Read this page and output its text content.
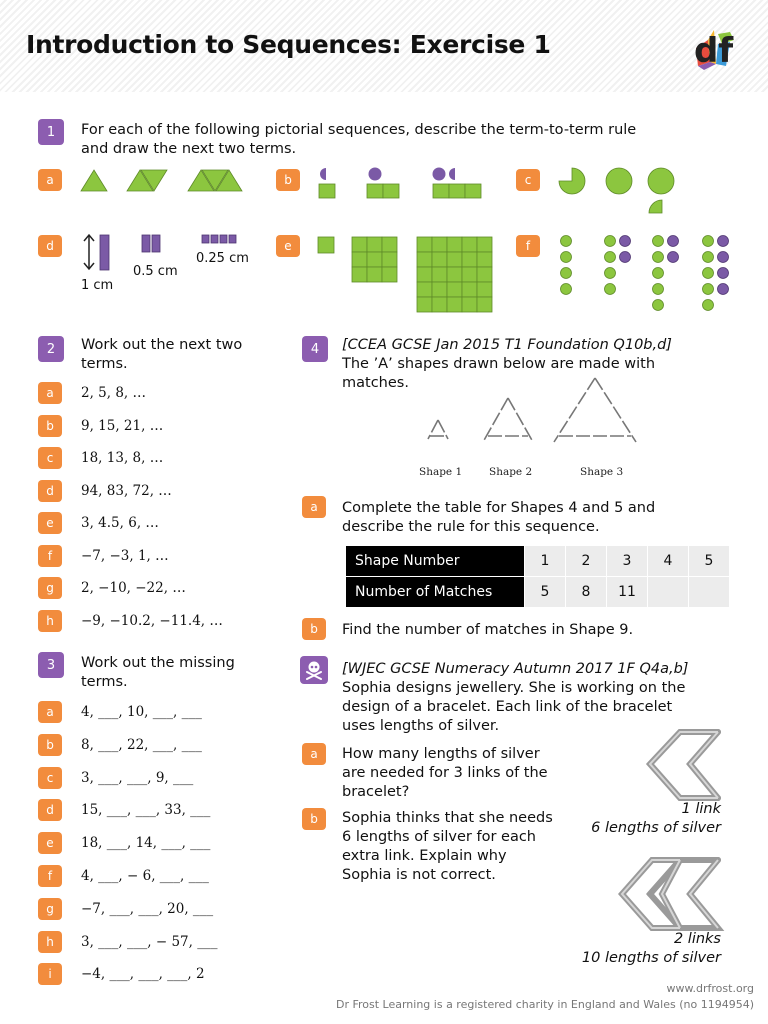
Introduction to Sequences: Exercise 1	df
1	For each of the following pictorial sequences, describe the term-to-term rule
and draw the next two terms.
a	b	c
d	e	f
1 cm
0.5 cm
0.25 cm
2	Work out the next two
terms.
a	2, 5, 8, …
b	9, 15, 21, …
c	18, 13, 8, …
d	94, 83, 72, …
e	3, 4.5, 6, …
f	−7, −3, 1, …
g	2, −10, −22, …
h	−9, −10.2, −11.4, …
3	Work out the missing
terms.
a	4, ___, 10, ___, ___
b	8, ___, 22, ___, ___
c	3, ___, ___, 9, ___
d	15, ___, ___, 33, ___
e	18, ___, 14, ___, ___
f	4, ___, − 6, ___, ___
g	−7, ___, ___, 20, ___
h	3, ___, ___, − 57, ___
i	−4, ___, ___, ___, 2
4	[CCEA GCSE Jan 2015 T1 Foundation Q10b,d]
The ’A’ shapes drawn below are made with
matches.
Shape 1	Shape 2	Shape 3
a	Complete the table for Shapes 4 and 5 and
describe the rule for this sequence.
Shape Number	1	2	3	4	5
Number of Matches	5	8	11		
b	Find the number of matches in Shape 9.
[WJEC GCSE Numeracy Autumn 2017 1F Q4a,b]
Sophia designs jewellery. She is working on the
design of a bracelet. Each link of the bracelet
uses lengths of silver.
a	How many lengths of silver
are needed for 3 links of the
bracelet?
b	Sophia thinks that she needs
6 lengths of silver for each
extra link. Explain why
Sophia is not correct.
1 link
6 lengths of silver
2 links
10 lengths of silver
www.drfrost.org
Dr Frost Learning is a registered charity in England and Wales (no 1194954)
